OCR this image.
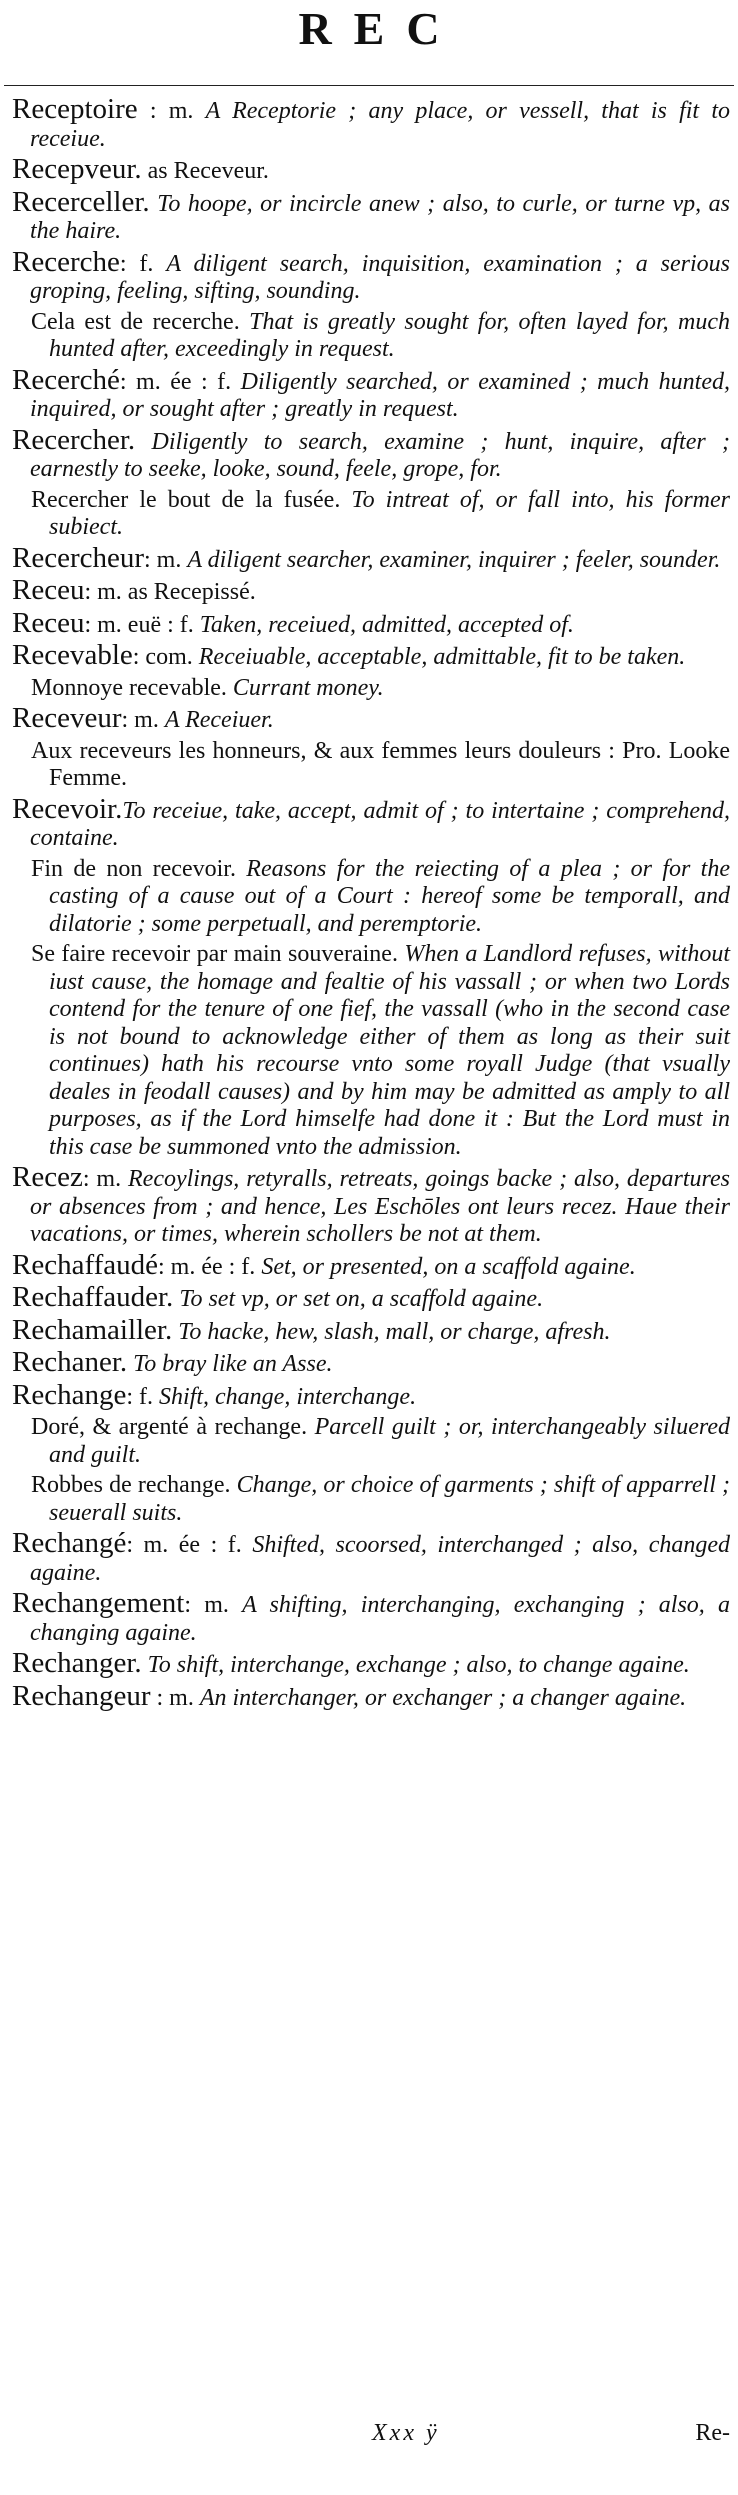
REC

Receptoire : m. A Receptorie ; any place, or vessell, that is fit to receiue.

Recepveur. as Receveur.

Recerceller. To hoope, or incircle anew ; also, to curle, or turne vp, as the haire.

Recerche: f. A diligent search, inquisition, examination ; a serious groping, feeling, sifting, sounding.

Cela est de recerche. That is greatly sought for, often layed for, much hunted after, exceedingly in request.

Recerché: m. ée : f. Diligently searched, or examined ; much hunted, inquired, or sought after ; greatly in request.

Recercher. Diligently to search, examine ; hunt, inquire, after ; earnestly to seeke, looke, sound, feele, grope, for.

Recercher le bout de la fusée. To intreat of, or fall into, his former subiect.

Recercheur: m. A diligent searcher, examiner, inquirer ; feeler, sounder.

Receu: m. as Recepissé.

Receu: m. euë : f. Taken, receiued, admitted, accepted of.

Recevable: com. Receiuable, acceptable, admittable, fit to be taken.

Monnoye recevable. Currant money.

Receveur: m. A Receiuer.

Aux receveurs les honneurs, & aux femmes leurs douleurs : Pro. Looke Femme.

Recevoir.To receiue, take, accept, admit of ; to intertaine ; comprehend, containe.

Fin de non recevoir. Reasons for the reiecting of a plea ; or for the casting of a cause out of a Court : hereof some be temporall, and dilatorie ; some perpetuall, and peremptorie.

Se faire recevoir par main souveraine. When a Landlord refuses, without iust cause, the homage and fealtie of his vassall ; or when two Lords contend for the tenure of one fief, the vassall (who in the second case is not bound to acknowledge either of them as long as their suit continues) hath his recourse vnto some royall Judge (that vsually deales in feodall causes) and by him may be admitted as amply to all purposes, as if the Lord himselfe had done it : But the Lord must in this case be summoned vnto the admission.

Recez: m. Recoylings, retyralls, retreats, goings backe ; also, departures or absences from ; and hence, Les Eschōles ont leurs recez. Haue their vacations, or times, wherein schollers be not at them.

Rechaffaudé: m. ée : f. Set, or presented, on a scaffold againe.

Rechaffauder. To set vp, or set on, a scaffold againe.

Rechamailler. To hacke, hew, slash, mall, or charge, afresh.

Rechaner. To bray like an Asse.

Rechange: f. Shift, change, interchange.

Doré, & argenté à rechange. Parcell guilt ; or, interchangeably siluered and guilt.

Robbes de rechange. Change, or choice of garments ; shift of apparrell ; seuerall suits.

Rechangé: m. ée : f. Shifted, scoorsed, interchanged ; also, changed againe.

Rechangement: m. A shifting, interchanging, exchanging ; also, a changing againe.

Rechanger. To shift, interchange, exchange ; also, to change againe.

Rechangeur : m. An interchanger, or exchanger ; a changer againe.

Xxx ÿ	Re-
